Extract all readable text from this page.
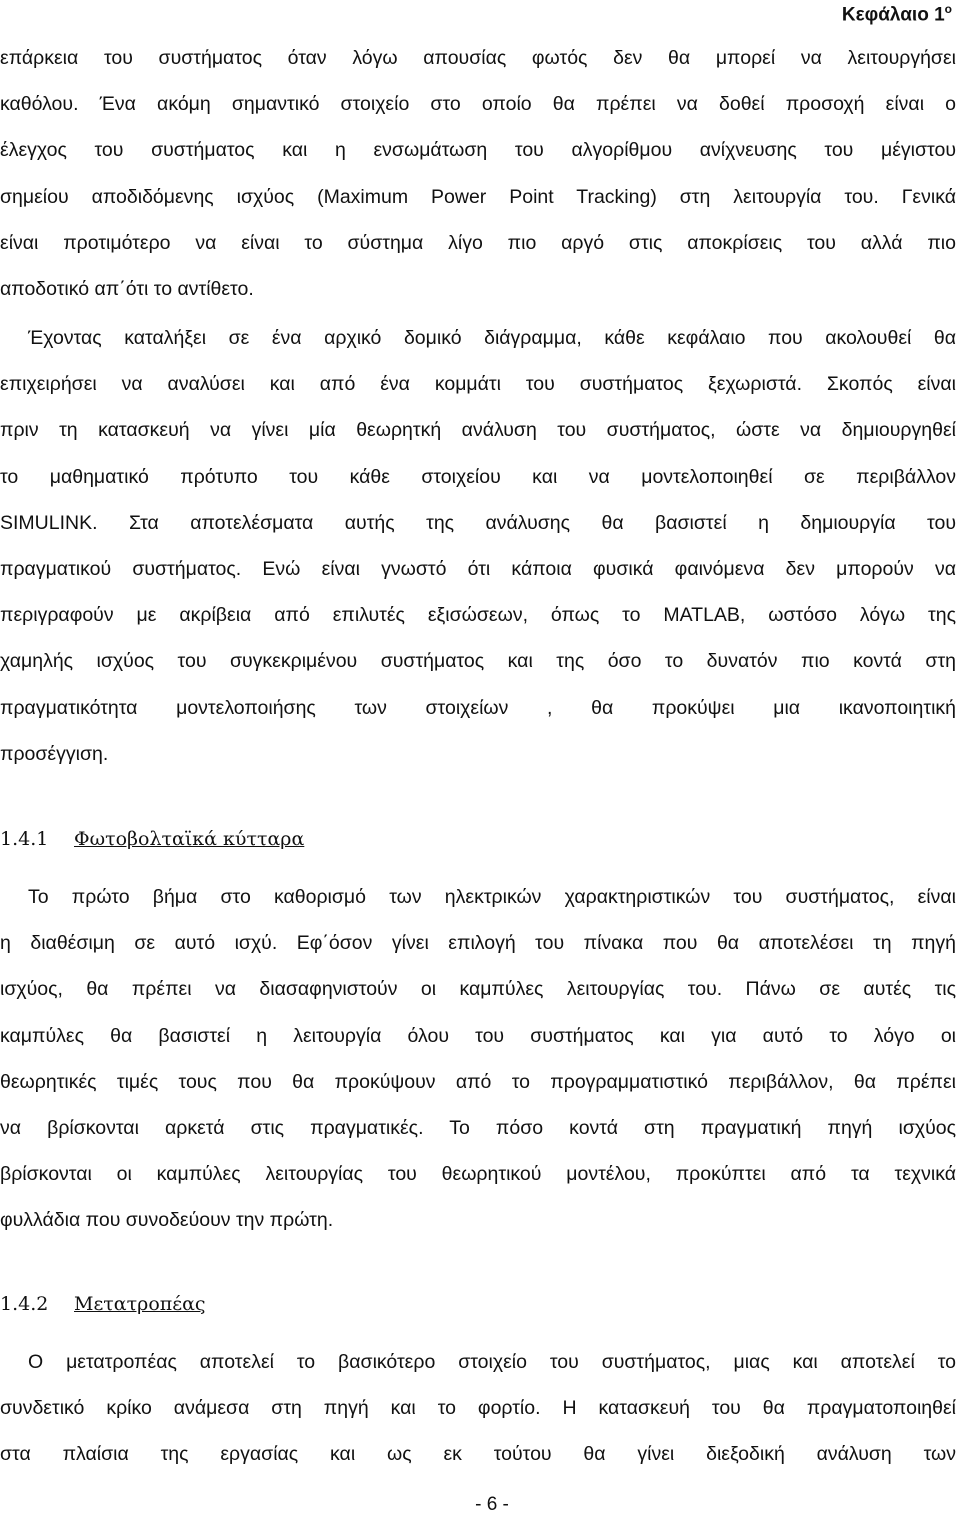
Κεφάλαιο $1^o$
επάρκεια του συστήματος όταν λόγω απουσίας φωτός δεν θα μπορεί να λειτουργήσει
καθόλου. Ένα ακόμη σημαντικό στοιχείο στο οποίο θα πρέπει να δοθεί προσοχή είναι ο
έλεγχος του συστήματος και η ενσωμάτωση του αλγορίθμου ανίχνευσης του μέγιστου
σημείου αποδιδόμενης ισχύος (Maximum Power Point Tracking) στη λειτουργία του. Γενικά
είναι προτιμότερο να είναι το σύστημα λίγο πιο αργό στις αποκρίσεις του αλλά πιο
αποδοτικό απ΄ότι το αντίθετο.
Έχοντας καταλήξει σε ένα αρχικό δομικό διάγραμμα, κάθε κεφάλαιο που ακολουθεί θα
επιχειρήσει να αναλύσει και από ένα κομμάτι του συστήματος ξεχωριστά. Σκοπός είναι
πριν τη κατασκευή να γίνει μία θεωρητκή ανάλυση του συστήματος, ώστε να δημιουργηθεί
το μαθηματικό πρότυπο του κάθε στοιχείου και να μοντελοποιηθεί σε περιβάλλον
SIMULINK. Στα αποτελέσματα αυτής της ανάλυσης θα βασιστεί η δημιουργία του
πραγματικού συστήματος. Ενώ είναι γνωστό ότι κάποια φυσικά φαινόμενα δεν μπορούν να
περιγραφούν με ακρίβεια από επιλυτές εξισώσεων, όπως το MATLAB, ωστόσο λόγω της
χαμηλής ισχύος του συγκεκριμένου συστήματος και της όσο το δυνατόν πιο κοντά στη
πραγματικότητα μοντελοποιήσης των στοιχείων , θα προκύψει μια ικανοποιητική
προσέγγιση.
1.4.1 Φωτοβολταϊκά κύτταρα
Το πρώτο βήμα στο καθορισμό των ηλεκτρικών χαρακτηριστικών του συστήματος, είναι
η διαθέσιμη σε αυτό ισχύ. Εφ΄όσον γίνει επιλογή του πίνακα που θα αποτελέσει τη πηγή
ισχύος, θα πρέπει να διασαφηνιστούν οι καμπύλες λειτουργίας του. Πάνω σε αυτές τις
καμπύλες θα βασιστεί η λειτουργία όλου του συστήματος και για αυτό το λόγο οι
θεωρητικές τιμές τους που θα προκύψουν από το προγραμματιστικό περιβάλλον, θα πρέπει
να βρίσκονται αρκετά στις πραγματικές. Το πόσο κοντά στη πραγματική πηγή ισχύος
βρίσκονται οι καμπύλες λειτουργίας του θεωρητικού μοντέλου, προκύπτει από τα τεχνικά
φυλλάδια που συνοδεύουν την πρώτη.
1.4.2 Μετατροπέας
Ο μετατροπέας αποτελεί το βασικότερο στοιχείο του συστήματος, μιας και αποτελεί το
συνδετικό κρίκο ανάμεσα στη πηγή και το φορτίο. Η κατασκευή του θα πραγματοποιηθεί
στα πλαίσια της εργασίας και ως εκ τούτου θα γίνει διεξοδική ανάλυση των
- 6 -
